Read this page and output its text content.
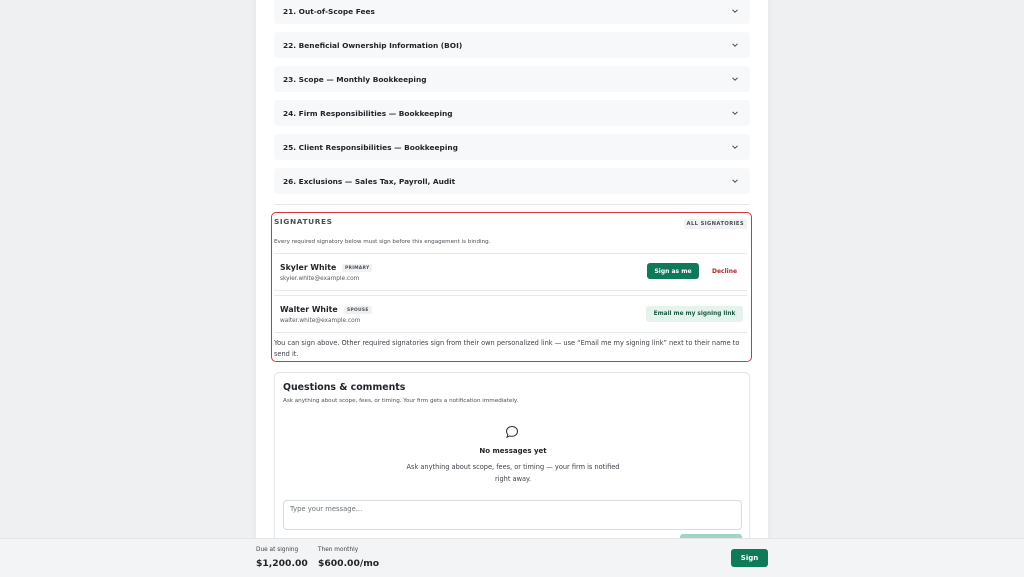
21. Out-of-Scope Fees
22. Beneficial Ownership Information (BOI)
23. Scope — Monthly Bookkeeping
24. Firm Responsibilities — Bookkeeping
25. Client Responsibilities — Bookkeeping
26. Exclusions — Sales Tax, Payroll, Audit
SIGNATURES	ALL SIGNATORIES
Every required signatory below must sign before this engagement is binding.
Skyler White	PRIMARY
skyler.white@example.com
Sign as me	Decline
Walter White	SPOUSE
walter.white@example.com
Email me my signing link
You can sign above. Other required signatories sign from their own personalized link — use “Email me my signing link” next to their name to send it.
Questions & comments
Ask anything about scope, fees, or timing. Your firm gets a notification immediately.
No messages yet
Ask anything about scope, fees, or timing — your firm is notified right away.
Type your message...
Due at signing
$1,200.00
Then monthly
$600.00/mo	Sign
